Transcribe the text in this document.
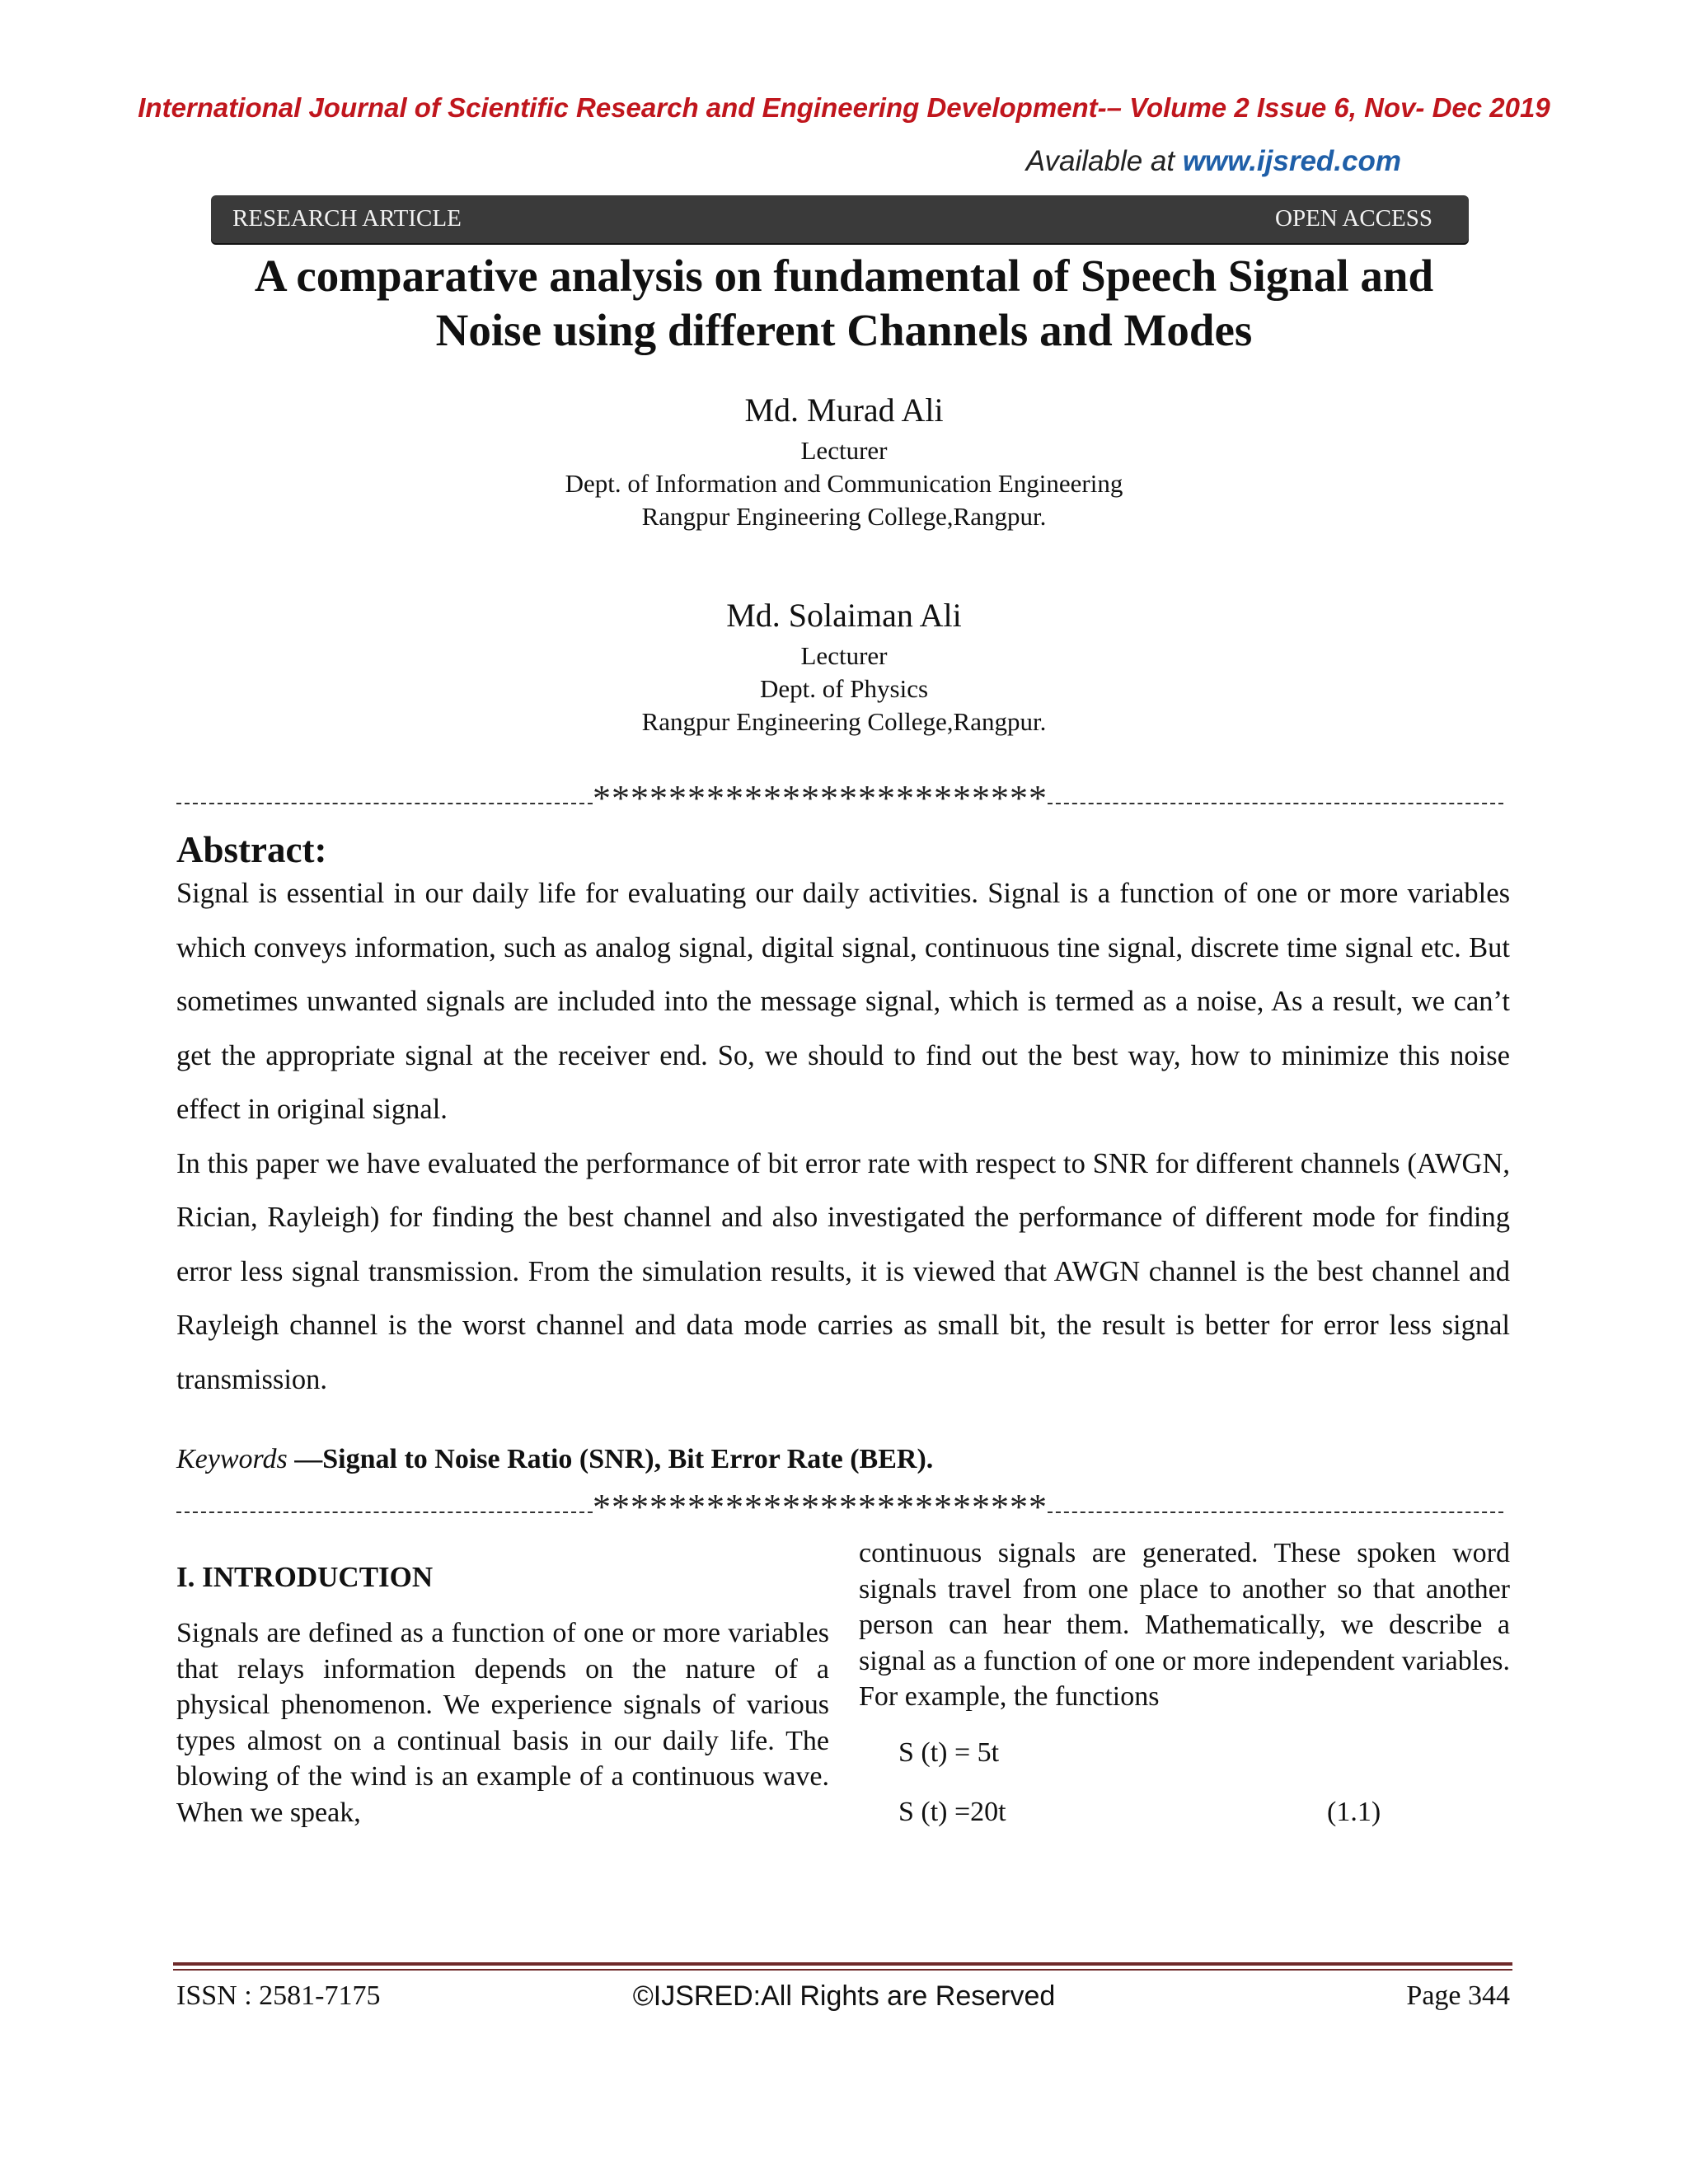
International Journal of Scientific Research and Engineering Development-– Volume 2 Issue 6, Nov- Dec 2019
Available at www.ijsred.com
RESEARCH ARTICLE	OPEN ACCESS
A comparative analysis on fundamental of Speech Signal and
Noise using different Channels and Modes
Md. Murad Ali
Lecturer
Dept. of Information and Communication Engineering
Rangpur Engineering College,Rangpur.
Md. Solaiman Ali
Lecturer
Dept. of Physics
Rangpur Engineering College,Rangpur.
************************
Abstract:

Signal is essential in our daily life for evaluating our daily activities. Signal is a function of one or more variables which conveys information, such as analog signal, digital signal, continuous tine signal, discrete time signal etc. But sometimes unwanted signals are included into the message signal, which is termed as a noise, As a result, we can’t get the appropriate signal at the receiver end. So, we should to find out the best way, how to minimize this noise effect in original signal.

In this paper we have evaluated the performance of bit error rate with respect to SNR for different channels (AWGN, Rician, Rayleigh) for finding the best channel and also investigated the performance of different mode for finding error less signal transmission. From the simulation results, it is viewed that AWGN channel is the best channel and Rayleigh channel is the worst channel and data mode carries as small bit, the result is better for error less signal transmission.

Keywords —Signal to Noise Ratio (SNR), Bit Error Rate (BER).
************************
I. INTRODUCTION
Signals are defined as a function of one or more variables that relays information depends on the nature of a physical phenomenon. We experience signals of various types almost on a continual basis in our daily life. The blowing of the wind is an example of a continuous wave. When we speak,
continuous signals are generated. These spoken word signals travel from one place to another so that another person can hear them. Mathematically, we describe a signal as a function of one or more independent variables. For example, the functions
S (t) = 5t
S (t) =20t	(1.1)
ISSN : 2581-7175	©IJSRED:All Rights are Reserved	Page 344
